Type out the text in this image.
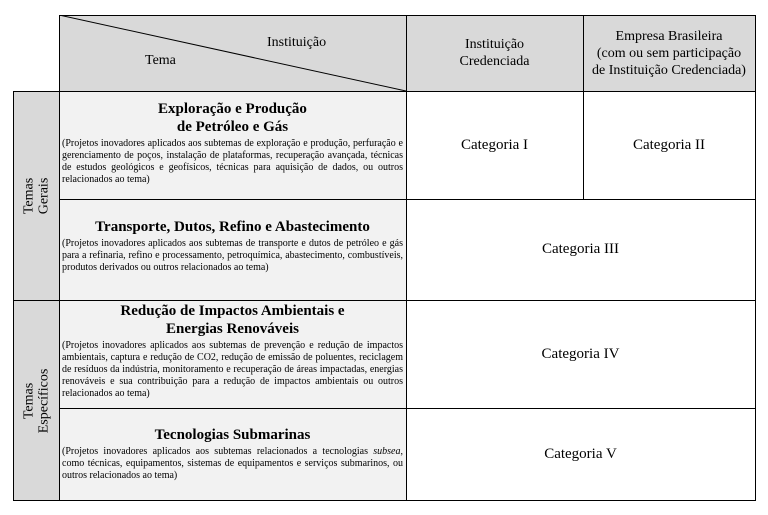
Instituição
Tema
Instituição
Credenciada
Empresa Brasileira
(com ou sem participação
de Instituição Credenciada)
Temas
Gerais
Temas
Específicos
Exploração e Produção
de Petróleo e Gás
(Projetos inovadores aplicados aos subtemas de exploração e produção, perfuração e gerenciamento de poços, instalação de plataformas, recuperação avançada, técnicas de estudos geológicos e geofísicos, técnicas para aquisição de dados, ou outros relacionados ao tema)
Categoria I	Categoria II
Transporte, Dutos, Refino e Abastecimento
(Projetos inovadores aplicados aos subtemas de transporte e dutos de petróleo e gás para a refinaria, refino e processamento, petroquímica, abastecimento, combustíveis, produtos derivados ou outros relacionados ao tema)
Categoria III
Redução de Impactos Ambientais e
Energias Renováveis
(Projetos inovadores aplicados aos subtemas de prevenção e redução de impactos ambientais, captura e redução de CO2, redução de emissão de poluentes, reciclagem de resíduos da indústria, monitoramento e recuperação de áreas impactadas, energias renováveis e sua contribuição para a redução de impactos ambientais ou outros relacionados ao tema)
Categoria IV
Tecnologias Submarinas
(Projetos inovadores aplicados aos subtemas relacionados a tecnologias subsea, como técnicas, equipamentos, sistemas de equipamentos e serviços submarinos, ou outros relacionados ao tema)
Categoria V
